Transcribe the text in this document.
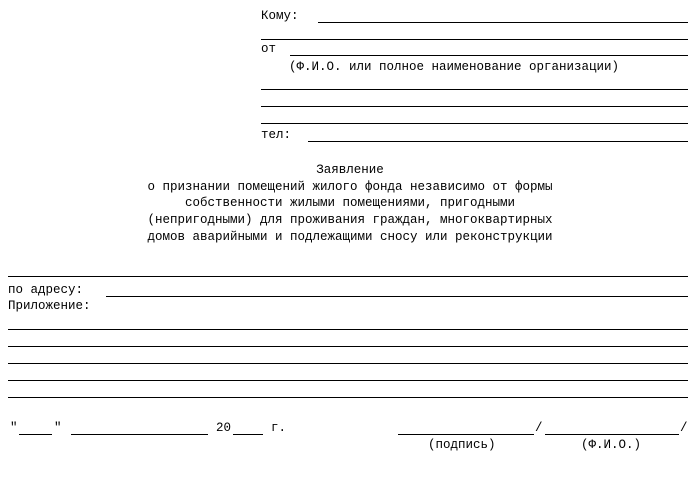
Кому:
от
(Ф.И.О. или полное наименование организации)
тел:
Заявление
о признании помещений жилого фонда независимо от формы
собственности жилыми помещениями, пригодными
(непригодными) для проживания граждан, многоквартирных
домов аварийными и подлежащими сносу или реконструкции
по адресу:
Приложение:
"	"	20	г.	/	/
(подпись)	(Ф.И.О.)
